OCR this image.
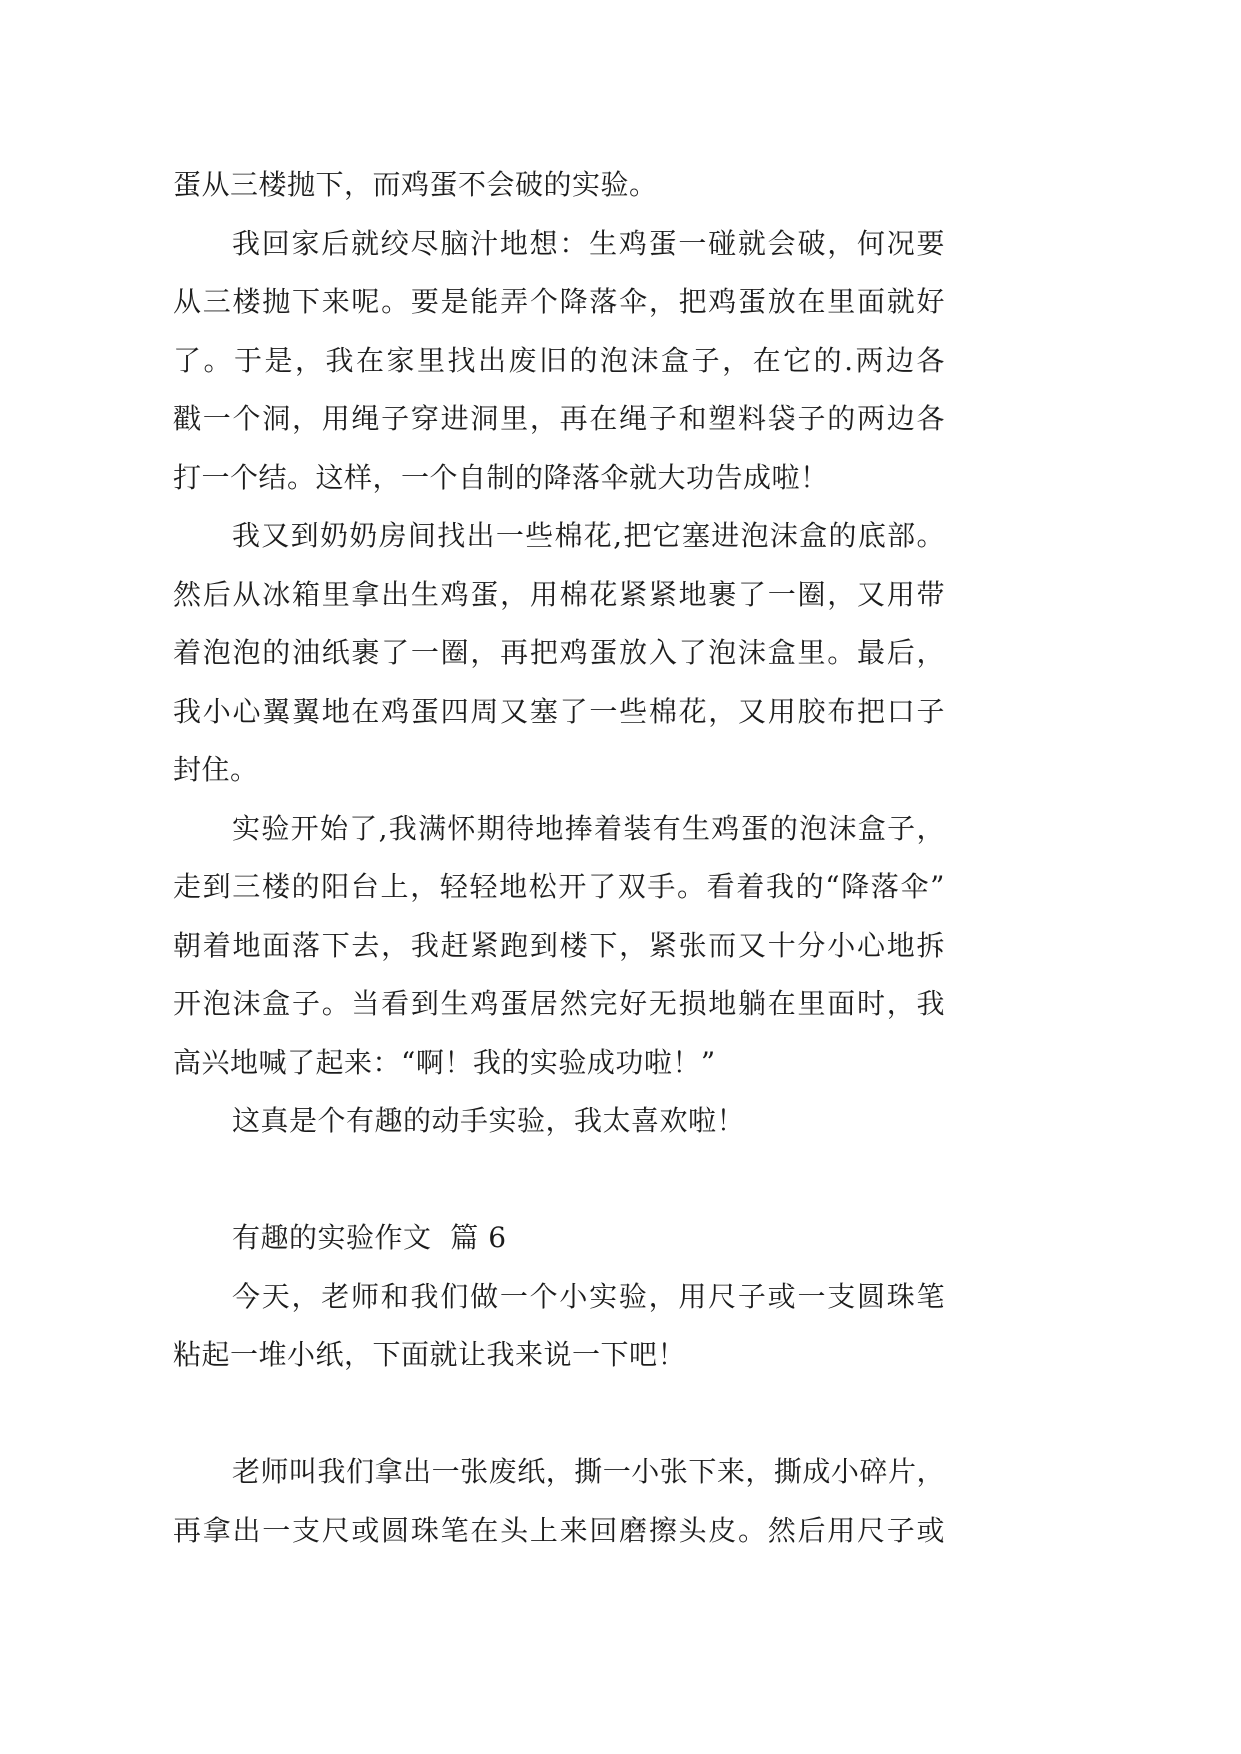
蛋从三楼抛下，而鸡蛋不会破的实验。
我回家后就绞尽脑汁地想：生鸡蛋一碰就会破，何况要
从三楼抛下来呢。要是能弄个降落伞，把鸡蛋放在里面就好
了。于是，我在家里找出废旧的泡沫盒子，在它的.两边各
戳一个洞，用绳子穿进洞里，再在绳子和塑料袋子的两边各
打一个结。这样，一个自制的降落伞就大功告成啦！
我又到奶奶房间找出一些棉花,把它塞进泡沫盒的底部。
然后从冰箱里拿出生鸡蛋，用棉花紧紧地裹了一圈，又用带
着泡泡的油纸裹了一圈，再把鸡蛋放入了泡沫盒里。最后，
我小心翼翼地在鸡蛋四周又塞了一些棉花，又用胶布把口子
封住。
实验开始了,我满怀期待地捧着装有生鸡蛋的泡沫盒子，
走到三楼的阳台上，轻轻地松开了双手。看着我的“降落伞”
朝着地面落下去，我赶紧跑到楼下，紧张而又十分小心地拆
开泡沫盒子。当看到生鸡蛋居然完好无损地躺在里面时，我
高兴地喊了起来：“啊！我的实验成功啦！”
这真是个有趣的动手实验，我太喜欢啦！
有趣的实验作文  篇 6
今天，老师和我们做一个小实验，用尺子或一支圆珠笔
粘起一堆小纸，下面就让我来说一下吧！
老师叫我们拿出一张废纸，撕一小张下来，撕成小碎片，
再拿出一支尺或圆珠笔在头上来回磨擦头皮。然后用尺子或
